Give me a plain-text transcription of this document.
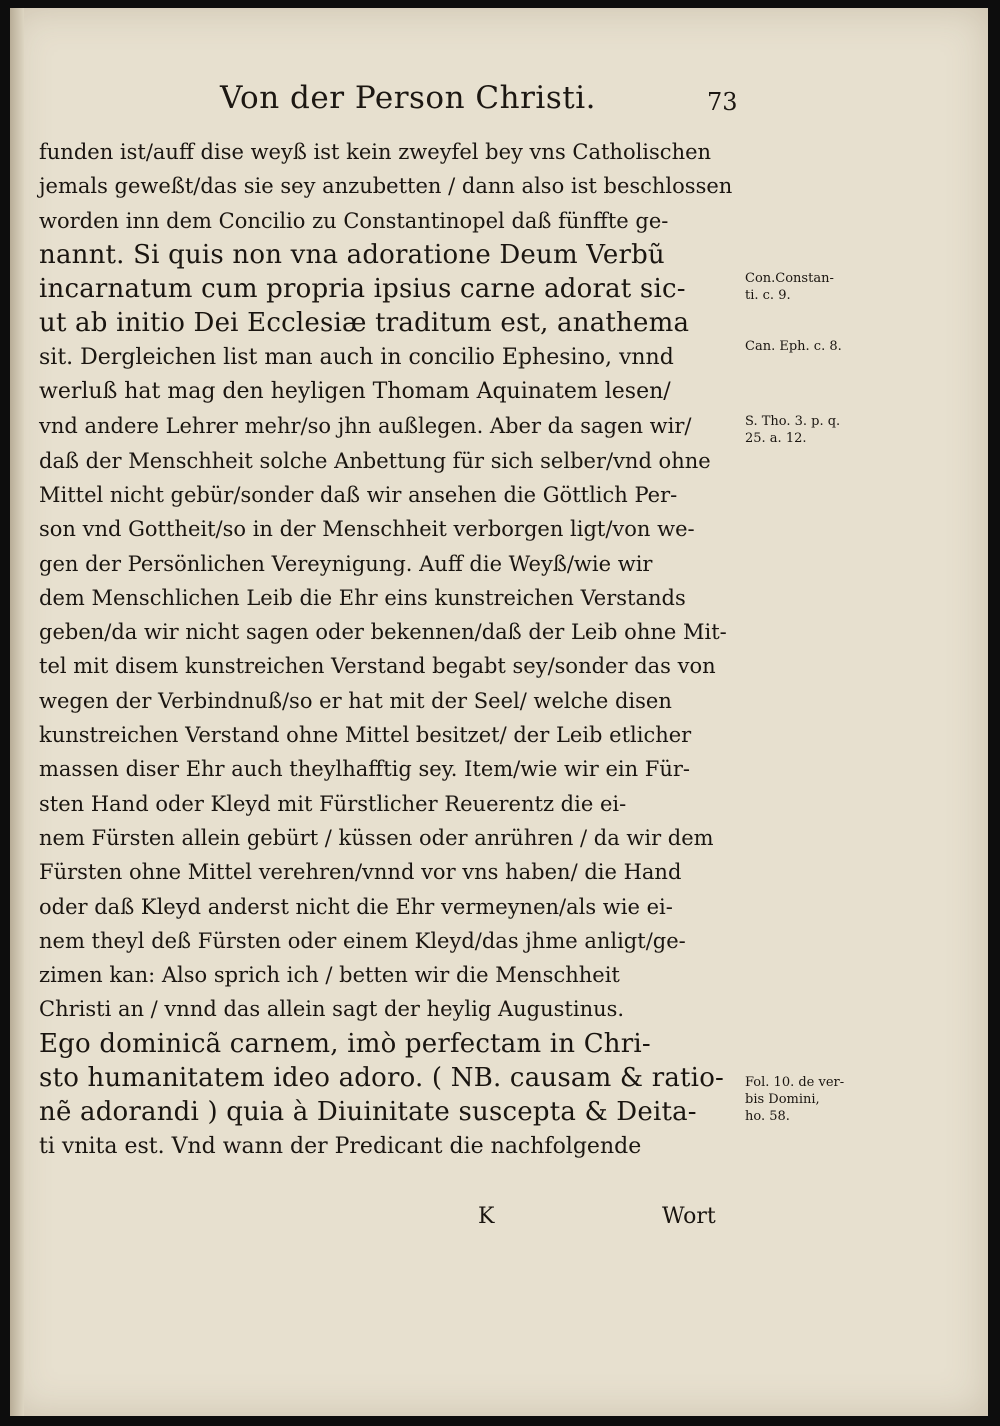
Von der Person Christi.	73
funden ist/auff dise weyß ist kein zweyfel bey vns Catholischen
jemals geweßt/das sie sey anzubetten / dann also ist beschlossen
worden inn dem Concilio zu Constantinopel daß fünffte ge-
nannt. Si quis non vna adoratione Deum Verbũ
incarnatum cum propria ipsius carne adorat sic-
ut ab initio Dei Ecclesiæ traditum est, anathema
sit. Dergleichen list man auch in concilio Ephesino, vnnd
werluß hat mag den heyligen Thomam Aquinatem lesen/
vnd andere Lehrer mehr/so jhn außlegen. Aber da sagen wir/
daß der Menschheit solche Anbettung für sich selber/vnd ohne
Mittel nicht gebür/sonder daß wir ansehen die Göttlich Per-
son vnd Gottheit/so in der Menschheit verborgen ligt/von we-
gen der Persönlichen Vereynigung. Auff die Weyß/wie wir
dem Menschlichen Leib die Ehr eins kunstreichen Verstands
geben/da wir nicht sagen oder bekennen/daß der Leib ohne Mit-
tel mit disem kunstreichen Verstand begabt sey/sonder das von
wegen der Verbindnuß/so er hat mit der Seel/ welche disen
kunstreichen Verstand ohne Mittel besitzet/ der Leib etlicher
massen diser Ehr auch theylhafftig sey. Item/wie wir ein Für-
sten Hand oder Kleyd mit Fürstlicher Reuerentz die ei-
nem Fürsten allein gebürt / küssen oder anrühren / da wir dem
Fürsten ohne Mittel verehren/vnnd vor vns haben/ die Hand
oder daß Kleyd anderst nicht die Ehr vermeynen/als wie ei-
nem theyl deß Fürsten oder einem Kleyd/das jhme anligt/ge-
zimen kan: Also sprich ich / betten wir die Menschheit
Christi an / vnnd das allein sagt der heylig Augustinus.
Ego dominicã carnem, imò perfectam in Chri-
sto humanitatem ideo adoro. ( NB. causam & ratio-
nẽ adorandi ) quia à Diuinitate suscepta & Deita-
ti vnita est. Vnd wann der Predicant die nachfolgende
K	Wort
Con.Constan-
ti. c. 9.
Can. Eph. c. 8.
S. Tho. 3. p. q.
25. a. 12.
Fol. 10. de ver-
bis Domini,
ho. 58.
